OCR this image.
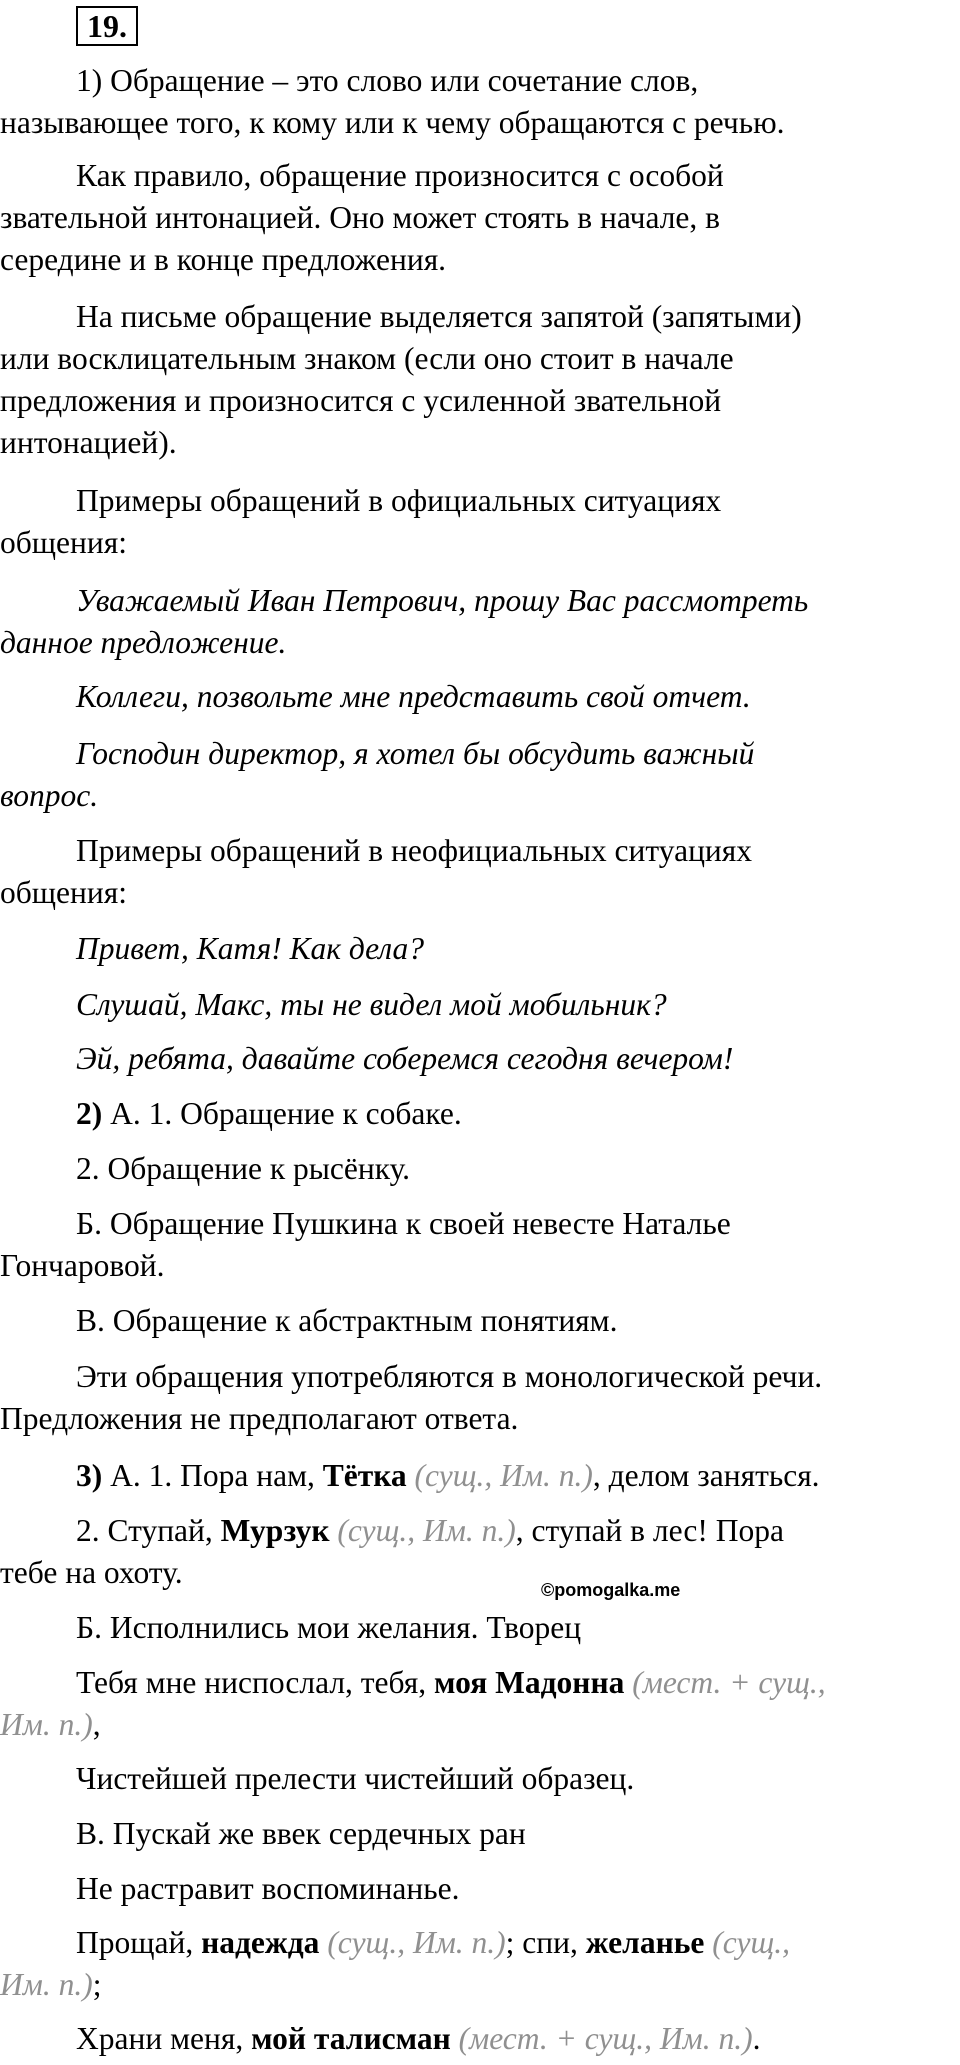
19.

1) Обращение – это слово или сочетание слов,

называющее того, к кому или к чему обращаются с речью.

Как правило, обращение произносится с особой

звательной интонацией. Оно может стоять в начале, в

середине и в конце предложения.

На письме обращение выделяется запятой (запятыми)

или восклицательным знаком (если оно стоит в начале

предложения и произносится с усиленной звательной

интонацией).

Примеры обращений в официальных ситуациях

общения:

Уважаемый Иван Петрович, прошу Вас рассмотреть

данное предложение.

Коллеги, позвольте мне представить свой отчет.

Господин директор, я хотел бы обсудить важный

вопрос.

Примеры обращений в неофициальных ситуациях

общения:

Привет, Катя! Как дела?

Слушай, Макс, ты не видел мой мобильник?

Эй, ребята, давайте соберемся сегодня вечером!

2) А. 1. Обращение к собаке.

2. Обращение к рысёнку.

Б. Обращение Пушкина к своей невесте Наталье

Гончаровой.

В. Обращение к абстрактным понятиям.

Эти обращения употребляются в монологической речи.

Предложения не предполагают ответа.

3) А. 1. Пора нам, Тётка (сущ., Им. п.), делом заняться.

2. Ступай, Мурзук (сущ., Им. п.), ступай в лес! Пора

тебе на охоту.	©pomogalka.me

Б. Исполнились мои желания. Творец

Тебя мне ниспослал, тебя, моя Мадонна (мест. + сущ.,

Им. п.),

Чистейшей прелести чистейший образец.

В. Пускай же ввек сердечных ран

Не растравит воспоминанье.

Прощай, надежда (сущ., Им. п.); спи, желанье (сущ.,

Им. п.);

Храни меня, мой талисман (мест. + сущ., Им. п.).
